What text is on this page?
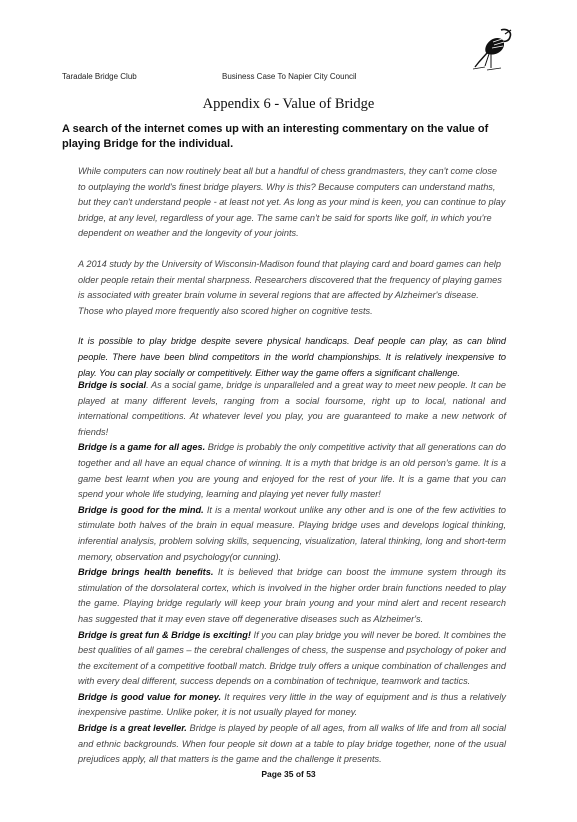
Taradale Bridge Club	Business Case To Napier City Council
Appendix 6 - Value of Bridge

A search of the internet comes up with an interesting commentary on the value of playing Bridge for the individual.

While computers can now routinely beat all but a handful of chess grandmasters, they can't come close to outplaying the world's finest bridge players. Why is this? Because computers can understand maths, but they can't understand people - at least not yet. As long as your mind is keen, you can continue to play bridge, at any level, regardless of your age. The same can't be said for sports like golf, in which you're dependent on weather and the longevity of your joints.

A 2014 study by the University of Wisconsin-Madison found that playing card and board games can help older people retain their mental sharpness. Researchers discovered that the frequency of playing games is associated with greater brain volume in several regions that are affected by Alzheimer's disease. Those who played more frequently also scored higher on cognitive tests.

It is possible to play bridge despite severe physical handicaps. Deaf people can play, as can blind people. There have been blind competitors in the world championships. It is relatively inexpensive to play. You can play socially or competitively. Either way the game offers a significant challenge.

Bridge is social. As a social game, bridge is unparalleled and a great way to meet new people. It can be played at many different levels, ranging from a social foursome, right up to local, national and international competitions. At whatever level you play, you are guaranteed to make a new network of friends!

Bridge is a game for all ages. Bridge is probably the only competitive activity that all generations can do together and all have an equal chance of winning. It is a myth that bridge is an old person's game. It is a game best learnt when you are young and enjoyed for the rest of your life. It is a game that you can spend your whole life studying, learning and playing yet never fully master!

Bridge is good for the mind. It is a mental workout unlike any other and is one of the few activities to stimulate both halves of the brain in equal measure. Playing bridge uses and develops logical thinking, inferential analysis, problem solving skills, sequencing, visualization, lateral thinking, long and short-term memory, observation and psychology(or cunning).

Bridge brings health benefits. It is believed that bridge can boost the immune system through its stimulation of the dorsolateral cortex, which is involved in the higher order brain functions needed to play the game. Playing bridge regularly will keep your brain young and your mind alert and recent research has suggested that it may even stave off degenerative diseases such as Alzheimer's.

Bridge is great fun & Bridge is exciting! If you can play bridge you will never be bored. It combines the best qualities of all games – the cerebral challenges of chess, the suspense and psychology of poker and the excitement of a competitive football match. Bridge truly offers a unique combination of challenges and with every deal different, success depends on a combination of technique, teamwork and tactics.

Bridge is good value for money. It requires very little in the way of equipment and is thus a relatively inexpensive pastime. Unlike poker, it is not usually played for money.

Bridge is a great leveller. Bridge is played by people of all ages, from all walks of life and from all social and ethnic backgrounds. When four people sit down at a table to play bridge together, none of the usual prejudices apply, all that matters is the game and the challenge it presents.

Page 35 of 53
